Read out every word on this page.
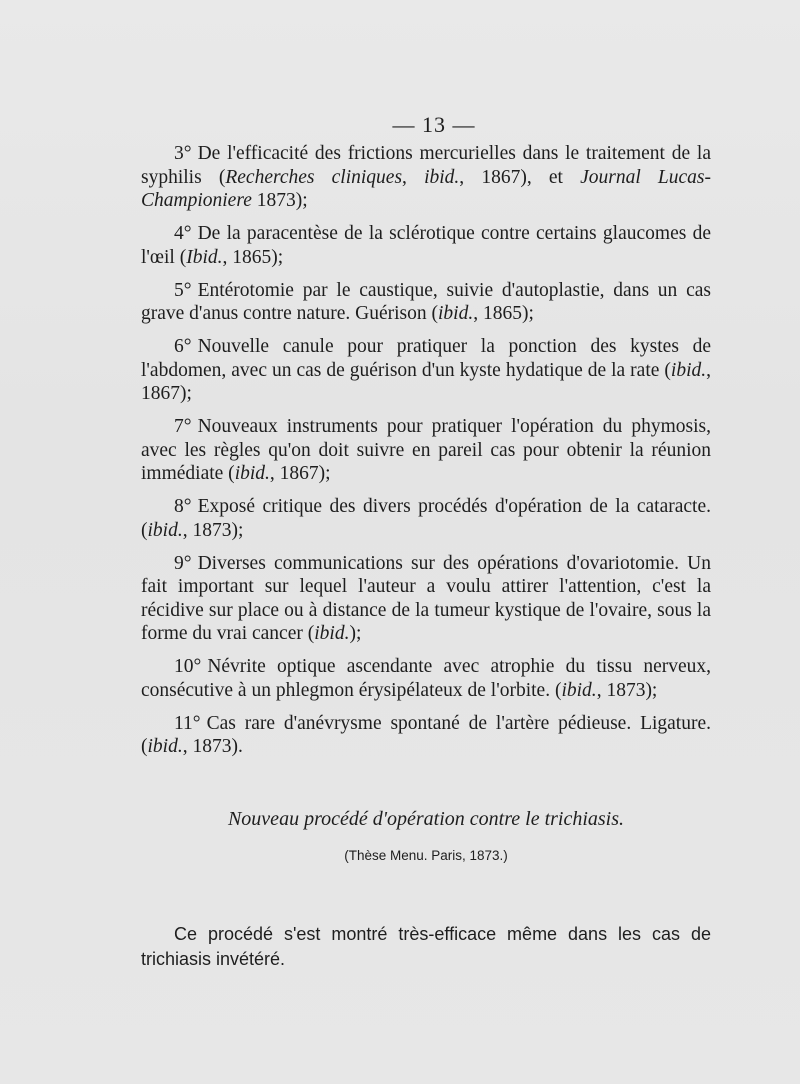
— 13 —

3° De l'efficacité des frictions mercurielles dans le traitement de la syphilis (Recherches cliniques, ibid., 1867), et Journal Lucas-Championiere 1873);

4° De la paracentèse de la sclérotique contre certains glaucomes de l'œil (Ibid., 1865);

5° Entérotomie par le caustique, suivie d'autoplastie, dans un cas grave d'anus contre nature. Guérison (ibid., 1865);

6° Nouvelle canule pour pratiquer la ponction des kystes de l'abdomen, avec un cas de guérison d'un kyste hydatique de la rate (ibid., 1867);

7° Nouveaux instruments pour pratiquer l'opération du phymosis, avec les règles qu'on doit suivre en pareil cas pour obtenir la réunion immédiate (ibid., 1867);

8° Exposé critique des divers procédés d'opération de la cataracte. (ibid., 1873);

9° Diverses communications sur des opérations d'ovariotomie. Un fait important sur lequel l'auteur a voulu attirer l'attention, c'est la récidive sur place ou à distance de la tumeur kystique de l'ovaire, sous la forme du vrai cancer (ibid.);

10° Névrite optique ascendante avec atrophie du tissu nerveux, consécutive à un phlegmon érysipélateux de l'orbite. (ibid., 1873);

11° Cas rare d'anévrysme spontané de l'artère pédieuse. Ligature. (ibid., 1873).

Nouveau procédé d'opération contre le trichiasis.
(Thèse Menu. Paris, 1873.)

Ce procédé s'est montré très-efficace même dans les cas de trichiasis invétéré.
